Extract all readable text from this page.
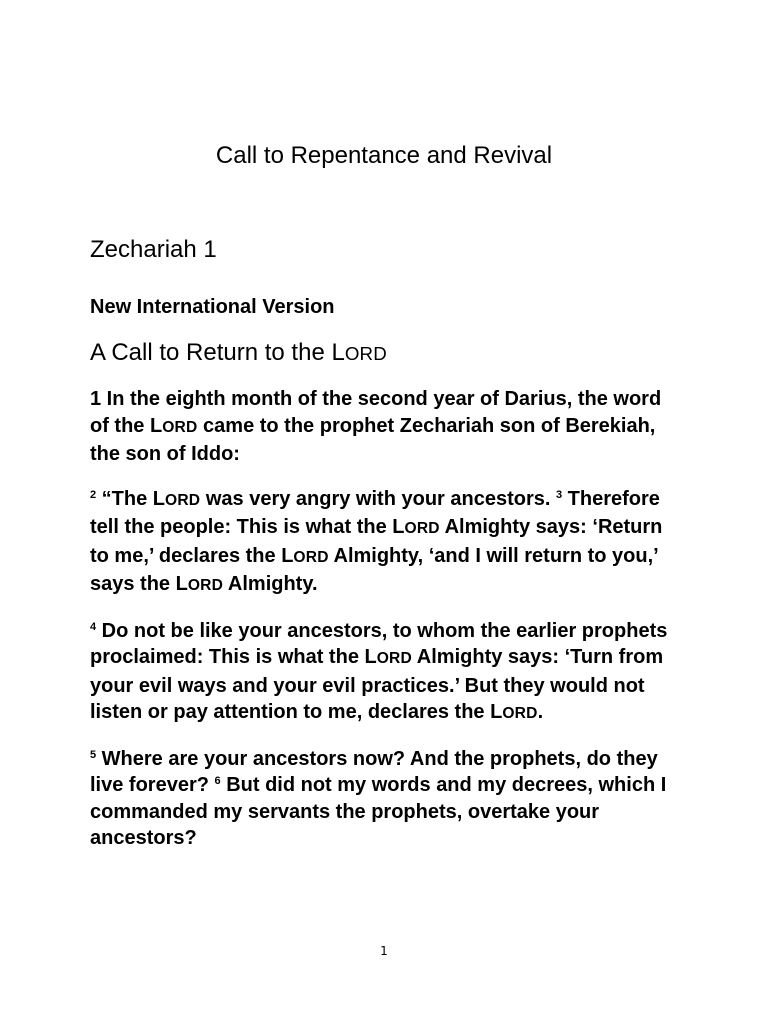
Call to Repentance and Revival
Zechariah 1
New International Version
A Call to Return to the LORD

1 In the eighth month of the second year of Darius, the word of the LORD came to the prophet Zechariah son of Berekiah, the son of Iddo:

$^2$ “The LORD was very angry with your ancestors. $^3$ Therefore tell the people: This is what the LORD Almighty says: ‘Return to me,’ declares the LORD Almighty, ‘and I will return to you,’ says the LORD Almighty.

$^4$ Do not be like your ancestors, to whom the earlier prophets proclaimed: This is what the LORD Almighty says: ‘Turn from your evil ways and your evil practices.’ But they would not listen or pay attention to me, declares the LORD.

$^5$ Where are your ancestors now? And the prophets, do they live forever? $^6$ But did not my words and my decrees, which I commanded my servants the prophets, overtake your ancestors?

1
